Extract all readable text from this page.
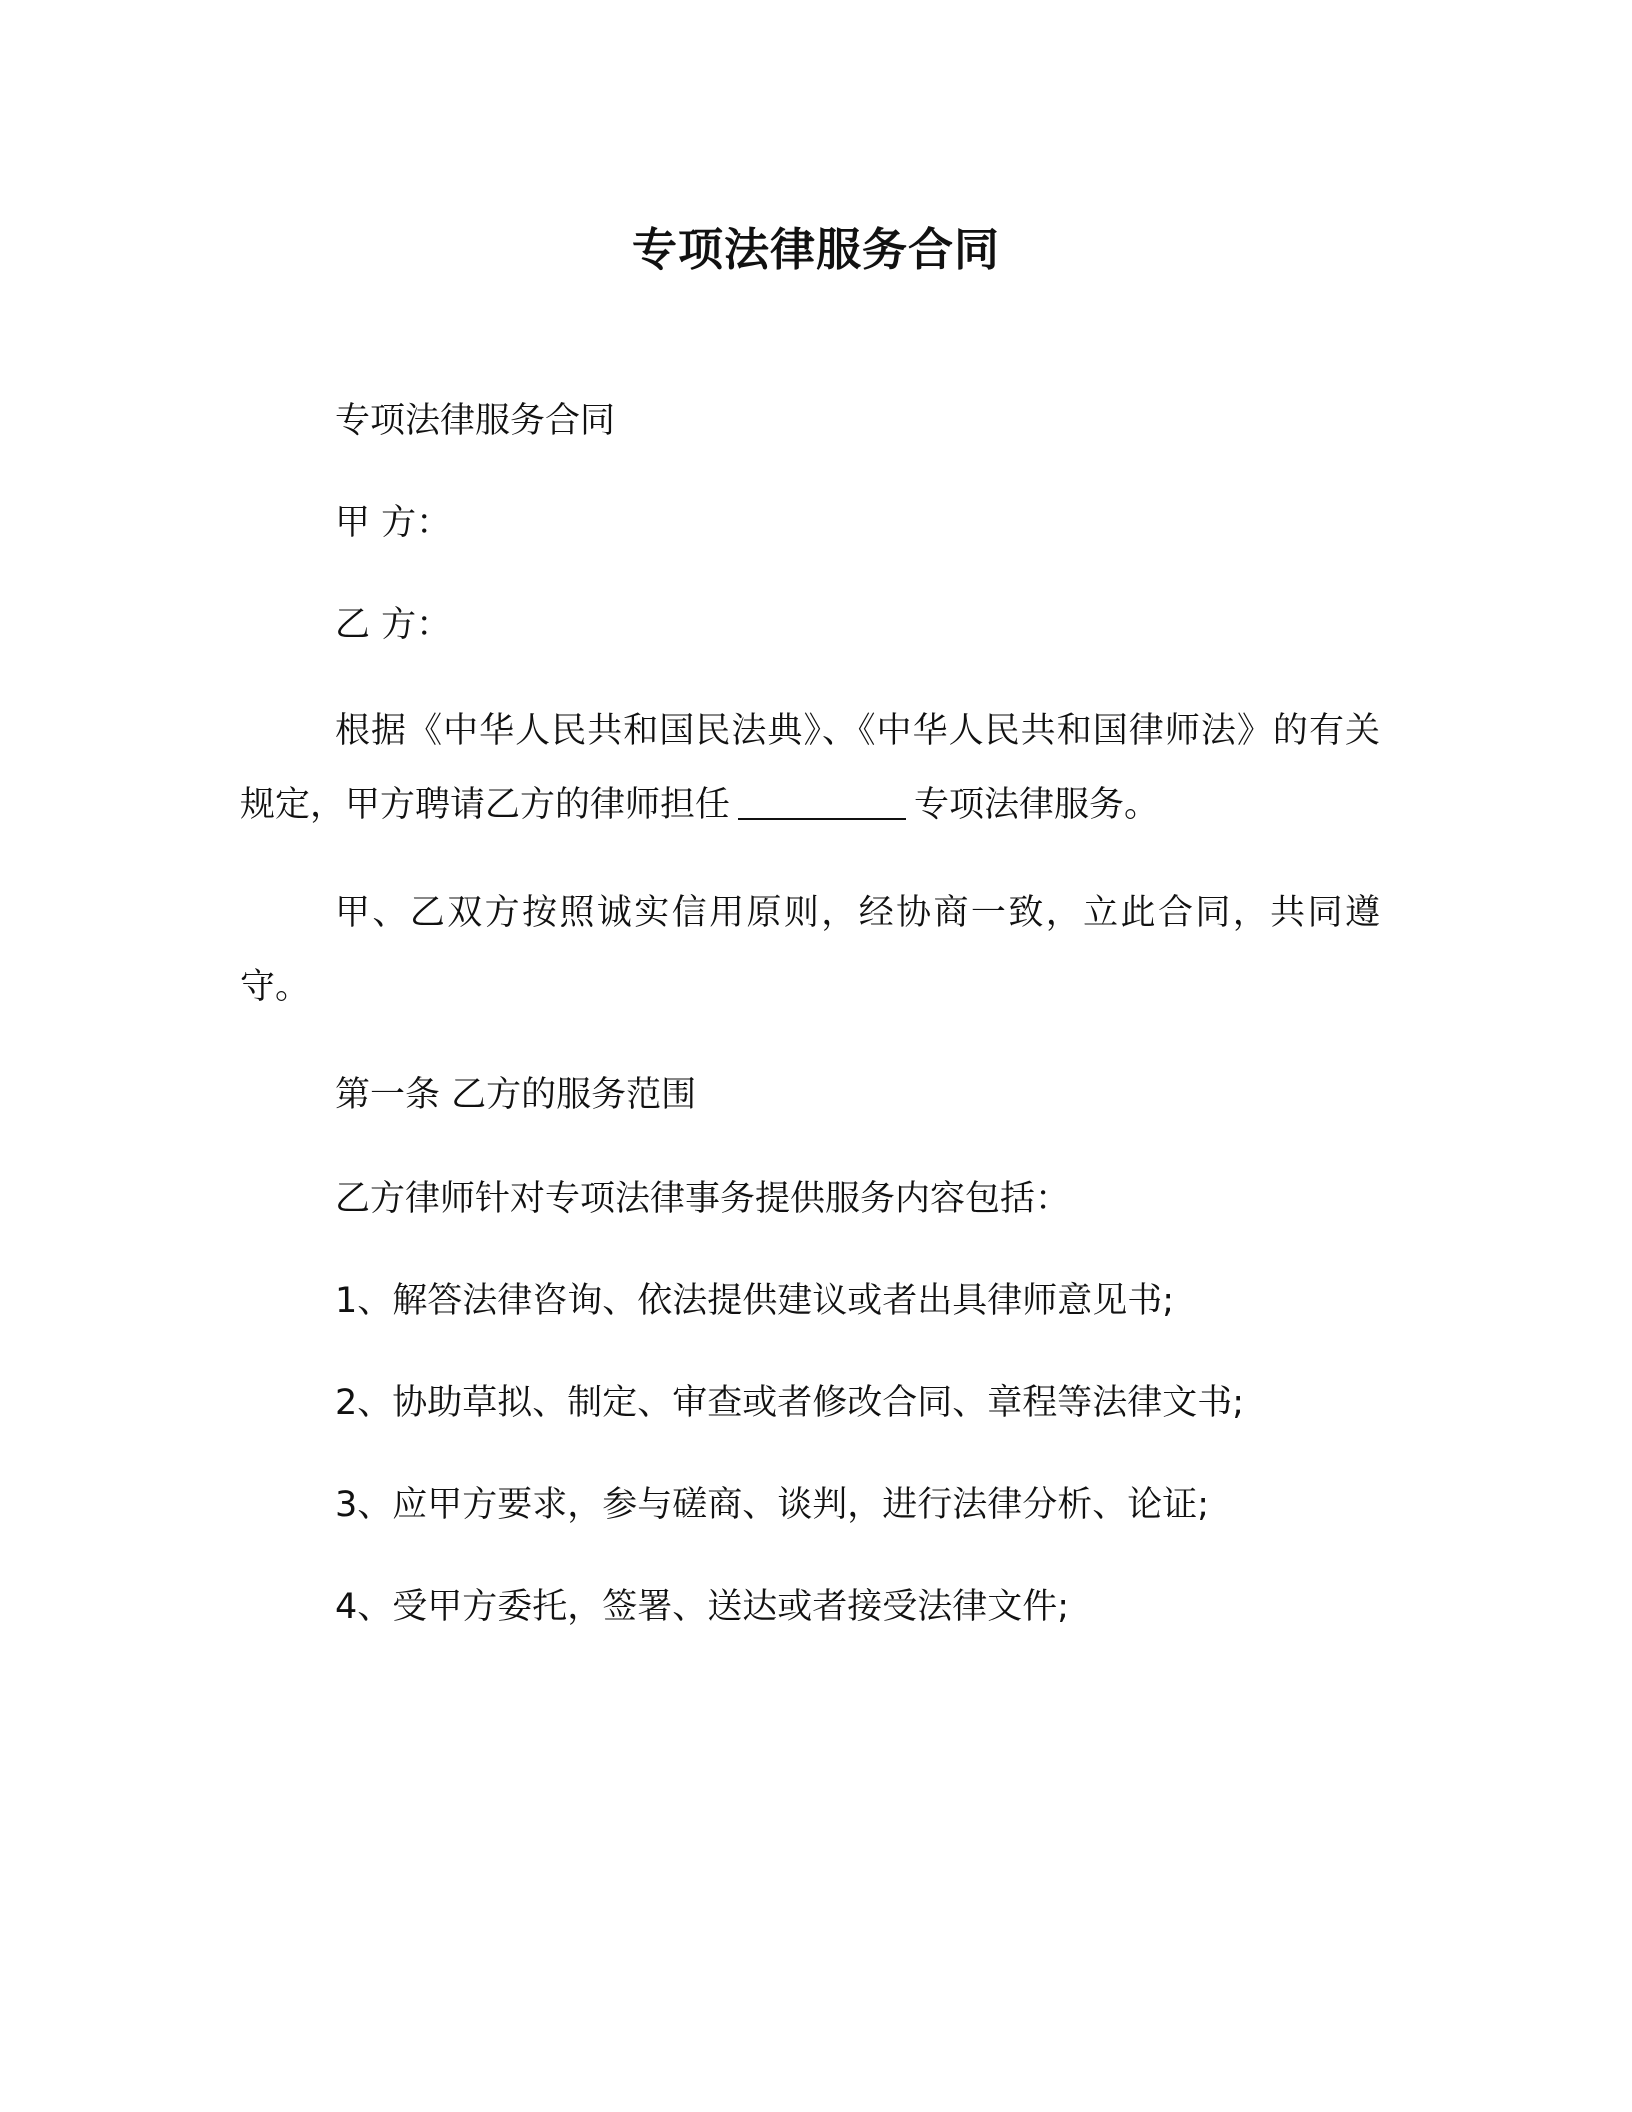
专项法律服务合同

专项法律服务合同

甲 方：

乙 方：

根据《中华人民共和国民法典》、《中华人民共和国律师法》的有关规定，甲方聘请乙方的律师担任	专项法律服务。

甲、乙双方按照诚实信用原则，经协商一致，立此合同，共同遵守。

第一条 乙方的服务范围

乙方律师针对专项法律事务提供服务内容包括：

1、解答法律咨询、依法提供建议或者出具律师意见书;

2、协助草拟、制定、审查或者修改合同、章程等法律文书;

3、应甲方要求，参与磋商、谈判，进行法律分析、论证;

4、受甲方委托，签署、送达或者接受法律文件;
